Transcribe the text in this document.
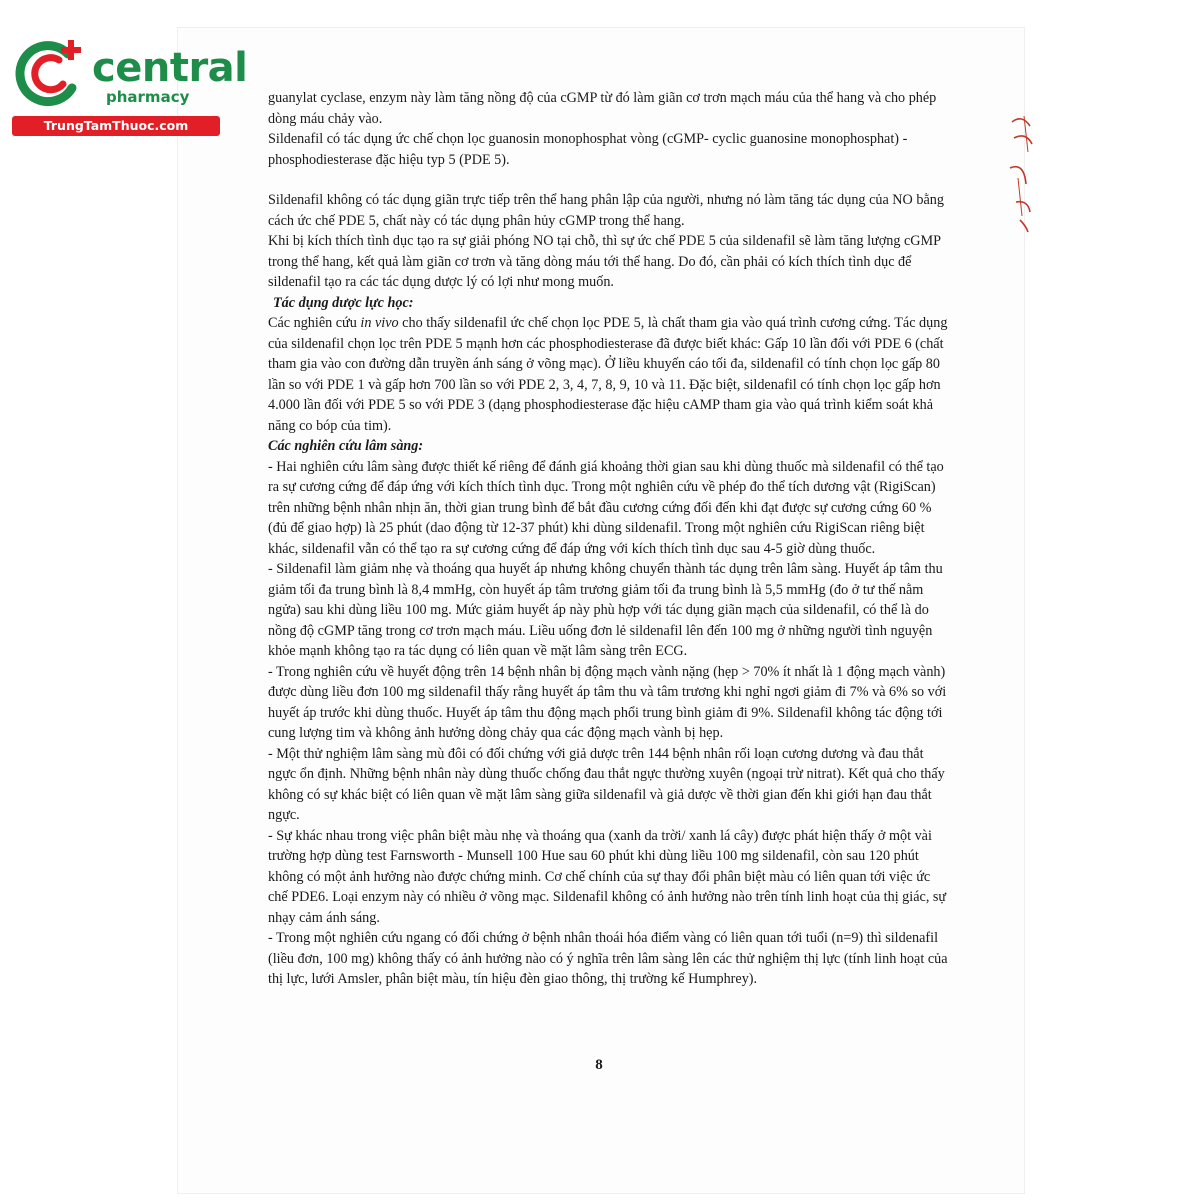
central
pharmacy
TrungTamThuoc.com

guanylat cyclase, enzym này làm tăng nồng độ của cGMP từ đó làm giãn cơ trơn mạch máu của thể hang và cho phép dòng máu chảy vào.

Sildenafil có tác dụng ức chế chọn lọc guanosin monophosphat vòng (cGMP- cyclic guanosine monophosphat) - phosphodiesterase đặc hiệu typ 5 (PDE 5).

Sildenafil không có tác dụng giãn trực tiếp trên thể hang phân lập của người, nhưng nó làm tăng tác dụng của NO bằng cách ức chế PDE 5, chất này có tác dụng phân hủy cGMP trong thể hang.

Khi bị kích thích tình dục tạo ra sự giải phóng NO tại chỗ, thì sự ức chế PDE 5 của sildenafil sẽ làm tăng lượng cGMP trong thể hang, kết quả làm giãn cơ trơn và tăng dòng máu tới thể hang. Do đó, cần phải có kích thích tình dục để sildenafil tạo ra các tác dụng dược lý có lợi như mong muốn.

Tác dụng dược lực học:

Các nghiên cứu in vivo cho thấy sildenafil ức chế chọn lọc PDE 5, là chất tham gia vào quá trình cương cứng. Tác dụng của sildenafil chọn lọc trên PDE 5 mạnh hơn các phosphodiesterase đã được biết khác: Gấp 10 lần đối với PDE 6 (chất tham gia vào con đường dẫn truyền ánh sáng ở võng mạc). Ở liều khuyến cáo tối đa, sildenafil có tính chọn lọc gấp 80 lần so với PDE 1 và gấp hơn 700 lần so với PDE 2, 3, 4, 7, 8, 9, 10 và 11. Đặc biệt, sildenafil có tính chọn lọc gấp hơn 4.000 lần đối với PDE 5 so với PDE 3 (dạng phosphodiesterase đặc hiệu cAMP tham gia vào quá trình kiểm soát khả năng co bóp của tim).

Các nghiên cứu lâm sàng:

- Hai nghiên cứu lâm sàng được thiết kế riêng để đánh giá khoảng thời gian sau khi dùng thuốc mà sildenafil có thể tạo ra sự cương cứng để đáp ứng với kích thích tình dục. Trong một nghiên cứu về phép đo thể tích dương vật (RigiScan) trên những bệnh nhân nhịn ăn, thời gian trung bình để bắt đầu cương cứng đối đến khi đạt được sự cương cứng 60 % (đủ để giao hợp) là 25 phút (dao động từ 12-37 phút) khi dùng sildenafil. Trong một nghiên cứu RigiScan riêng biệt khác, sildenafil vẫn có thể tạo ra sự cương cứng để đáp ứng với kích thích tình dục sau 4-5 giờ dùng thuốc.

- Sildenafil làm giảm nhẹ và thoáng qua huyết áp nhưng không chuyển thành tác dụng trên lâm sàng. Huyết áp tâm thu giảm tối đa trung bình là 8,4 mmHg, còn huyết áp tâm trương giảm tối đa trung bình là 5,5 mmHg (đo ở tư thế nằm ngửa) sau khi dùng liều 100 mg. Mức giảm huyết áp này phù hợp với tác dụng giãn mạch của sildenafil, có thể là do nồng độ cGMP tăng trong cơ trơn mạch máu. Liều uống đơn lẻ sildenafil lên đến 100 mg ở những người tình nguyện khỏe mạnh không tạo ra tác dụng có liên quan về mặt lâm sàng trên ECG.

- Trong nghiên cứu về huyết động trên 14 bệnh nhân bị động mạch vành nặng (hẹp > 70% ít nhất là 1 động mạch vành) được dùng liều đơn 100 mg sildenafil thấy rằng huyết áp tâm thu và tâm trương khi nghỉ ngơi giảm đi 7% và 6% so với huyết áp trước khi dùng thuốc. Huyết áp tâm thu động mạch phổi trung bình giảm đi 9%. Sildenafil không tác động tới cung lượng tim và không ảnh hưởng dòng chảy qua các động mạch vành bị hẹp.

- Một thử nghiệm lâm sàng mù đôi có đối chứng với giả dược trên 144 bệnh nhân rối loạn cương dương và đau thắt ngực ổn định. Những bệnh nhân này dùng thuốc chống đau thắt ngực thường xuyên (ngoại trừ nitrat). Kết quả cho thấy không có sự khác biệt có liên quan về mặt lâm sàng giữa sildenafil và giả dược về thời gian đến khi giới hạn đau thắt ngực.

- Sự khác nhau trong việc phân biệt màu nhẹ và thoáng qua (xanh da trời/ xanh lá cây) được phát hiện thấy ở một vài trường hợp dùng test Farnsworth - Munsell 100 Hue sau 60 phút khi dùng liều 100 mg sildenafil, còn sau 120 phút không có một ảnh hưởng nào được chứng minh. Cơ chế chính của sự thay đổi phân biệt màu có liên quan tới việc ức chế PDE6. Loại enzym này có nhiều ở võng mạc. Sildenafil không có ảnh hưởng nào trên tính linh hoạt của thị giác, sự nhạy cảm ánh sáng.

- Trong một nghiên cứu ngang có đối chứng ở bệnh nhân thoái hóa điểm vàng có liên quan tới tuổi (n=9) thì sildenafil (liều đơn, 100 mg) không thấy có ảnh hưởng nào có ý nghĩa trên lâm sàng lên các thử nghiệm thị lực (tính linh hoạt của thị lực, lưới Amsler, phân biệt màu, tín hiệu đèn giao thông, thị trường kế Humphrey).

8
